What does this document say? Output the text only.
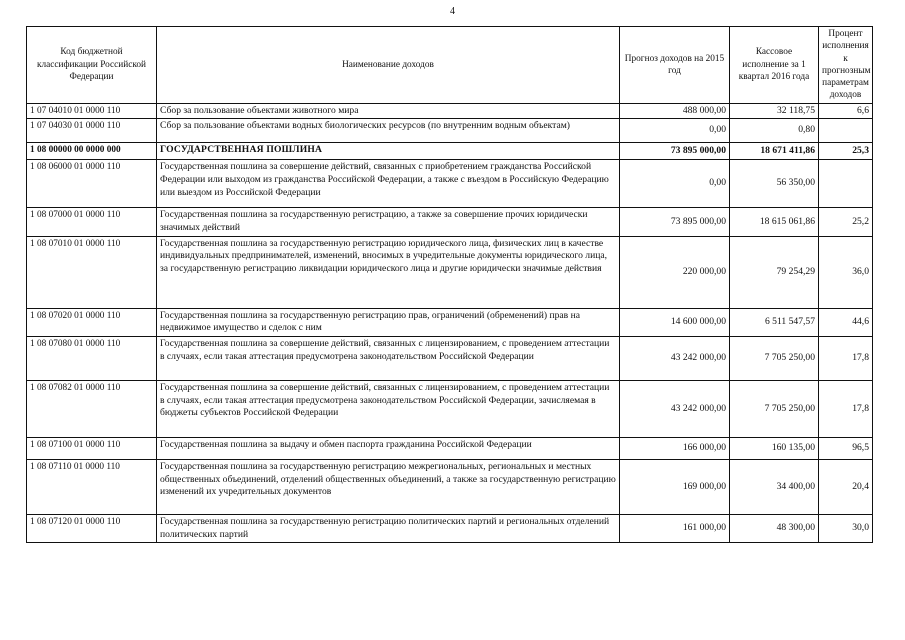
4
Код бюджетной классификации Российской Федерации	Наименование доходов	Прогноз доходов на 2015 год	Кассовое исполнение за 1 квартал 2016 года	Процент исполнения к прогнозным параметрам доходов
1 07 04010 01 0000 110	Сбор за пользование объектами животного мира	488 000,00	32 118,75	6,6
1 07 04030 01 0000 110	Сбор за пользование объектами водных биологических ресурсов (по внутренним водным объектам)	0,00	0,80	
1 08 00000 00 0000 000	ГОСУДАРСТВЕННАЯ ПОШЛИНА	73 895 000,00	18 671 411,86	25,3
1 08 06000 01 0000 110	Государственная пошлина за совершение действий, связанных с приобретением гражданства Российской Федерации или выходом из гражданства Российской Федерации, а также с въездом в Российскую Федерацию или выездом из Российской Федерации	0,00	56 350,00	
1 08 07000 01 0000 110	Государственная пошлина за государственную регистрацию, а также за совершение прочих юридически значимых действий	73 895 000,00	18 615 061,86	25,2
1 08 07010 01 0000 110	Государственная пошлина за государственную регистрацию юридического лица, физических лиц в качестве индивидуальных предпринимателей, изменений, вносимых в учредительные документы юридического лица, за государственную регистрацию ликвидации юридического лица и другие юридически значимые действия	220 000,00	79 254,29	36,0
1 08 07020 01 0000 110	Государственная пошлина за государственную регистрацию прав, ограничений (обременений) прав на недвижимое имущество и сделок с ним	14 600 000,00	6 511 547,57	44,6
1 08 07080 01 0000 110	Государственная пошлина за совершение действий, связанных с лицензированием, с проведением аттестации в случаях, если такая аттестация предусмотрена законодательством Российской Федерации	43 242 000,00	7 705 250,00	17,8
1 08 07082 01 0000 110	Государственная пошлина за совершение действий, связанных с лицензированием, с проведением аттестации в случаях, если такая аттестация предусмотрена законодательством Российской Федерации, зачисляемая в бюджеты субъектов Российской Федерации	43 242 000,00	7 705 250,00	17,8
1 08 07100 01 0000 110	Государственная пошлина за выдачу и обмен паспорта гражданина Российской Федерации	166 000,00	160 135,00	96,5
1 08 07110 01 0000 110	Государственная пошлина за государственную регистрацию межрегиональных, региональных и местных общественных объединений, отделений общественных объединений, а также за государственную регистрацию изменений их учредительных документов	169 000,00	34 400,00	20,4
1 08 07120 01 0000 110	Государственная пошлина за государственную регистрацию политических партий и региональных отделений политических партий	161 000,00	48 300,00	30,0
